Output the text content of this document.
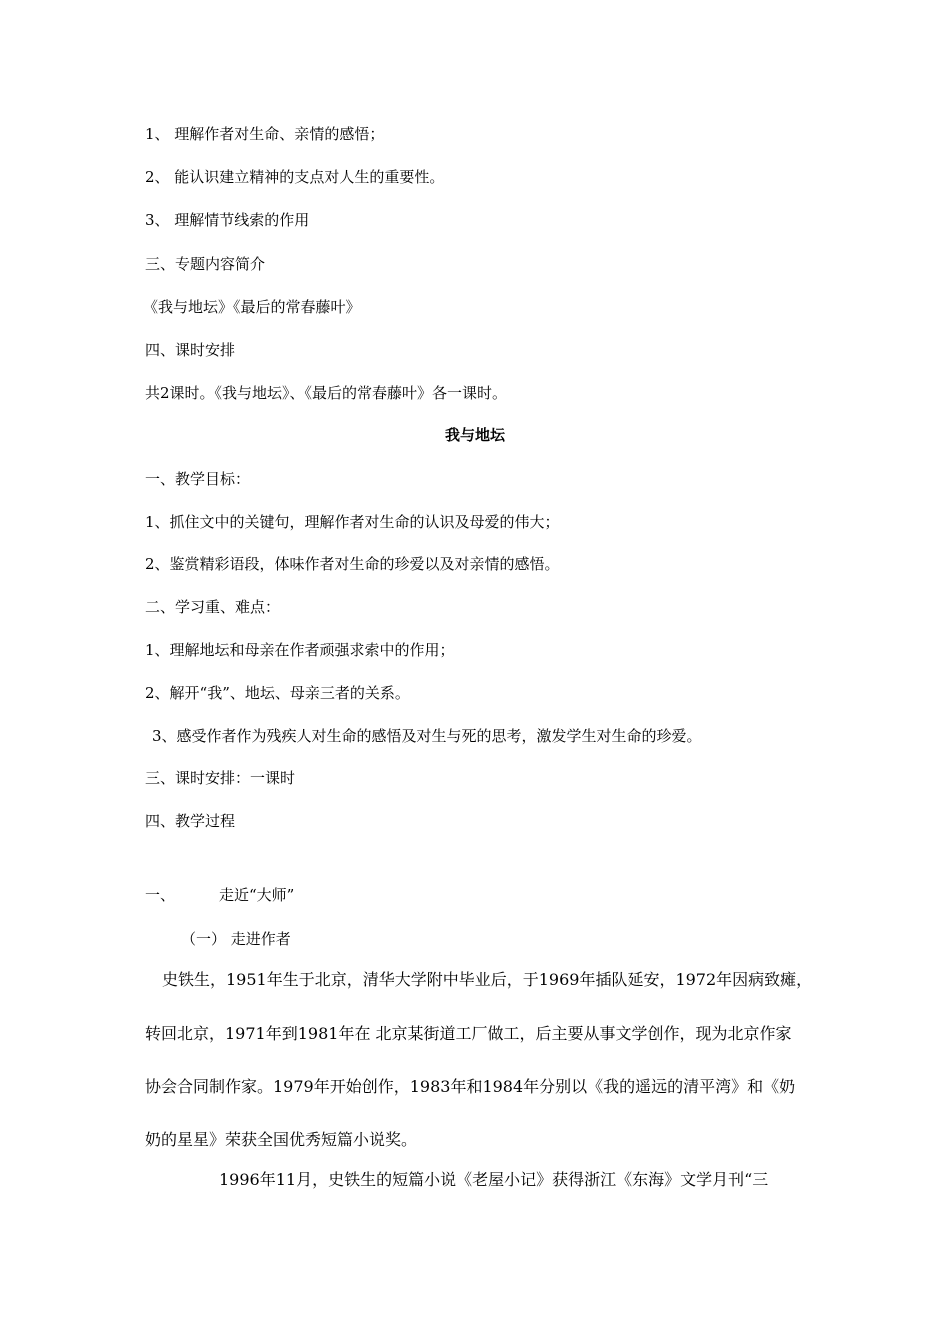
1、 理解作者对生命、亲情的感悟；
2、 能认识建立精神的支点对人生的重要性。
3、 理解情节线索的作用
三、专题内容简介
《我与地坛》《最后的常春藤叶》
四、课时安排
共2课时。《我与地坛》、《最后的常春藤叶》各一课时。
我与地坛
一、教学目标：
1、抓住文中的关键句，理解作者对生命的认识及母爱的伟大；
2、鉴赏精彩语段，体味作者对生命的珍爱以及对亲情的感悟。
二、学习重、难点：
1、理解地坛和母亲在作者顽强求索中的作用；
2、解开“我”、地坛、母亲三者的关系。
3、感受作者作为残疾人对生命的感悟及对生与死的思考，激发学生对生命的珍爱。
三、课时安排：一课时
四、教学过程
一、	走近“大师”
（一） 走进作者
史铁生，1951年生于北京，清华大学附中毕业后，于1969年插队延安，1972年因病致瘫，
转回北京，1971年到1981年在 北京某街道工厂做工，后主要从事文学创作，现为北京作家
协会合同制作家。1979年开始创作，1983年和1984年分别以《我的遥远的清平湾》和《奶
奶的星星》荣获全国优秀短篇小说奖。
1996年11月，史铁生的短篇小说《老屋小记》获得浙江《东海》文学月刊“三
